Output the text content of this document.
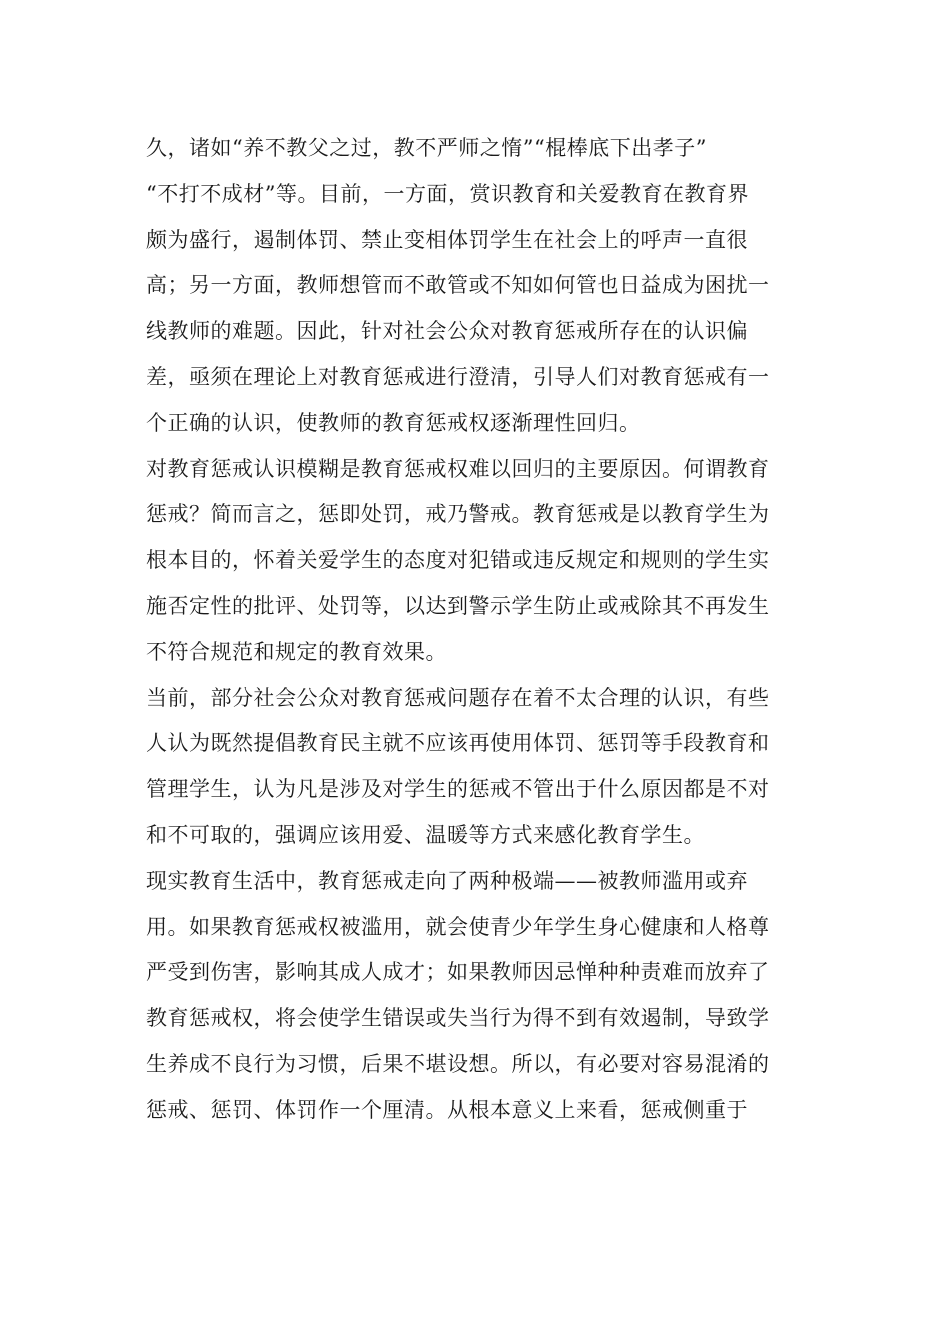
久，诸如“养不教父之过，教不严师之惰”“棍棒底下出孝子”
“不打不成材”等。目前，一方面，赏识教育和关爱教育在教育界
颇为盛行，遏制体罚、禁止变相体罚学生在社会上的呼声一直很
高；另一方面，教师想管而不敢管或不知如何管也日益成为困扰一
线教师的难题。因此，针对社会公众对教育惩戒所存在的认识偏
差，亟须在理论上对教育惩戒进行澄清，引导人们对教育惩戒有一
个正确的认识，使教师的教育惩戒权逐渐理性回归。
对教育惩戒认识模糊是教育惩戒权难以回归的主要原因。何谓教育
惩戒？简而言之，惩即处罚，戒乃警戒。教育惩戒是以教育学生为
根本目的，怀着关爱学生的态度对犯错或违反规定和规则的学生实
施否定性的批评、处罚等，以达到警示学生防止或戒除其不再发生
不符合规范和规定的教育效果。
当前，部分社会公众对教育惩戒问题存在着不太合理的认识，有些
人认为既然提倡教育民主就不应该再使用体罚、惩罚等手段教育和
管理学生，认为凡是涉及对学生的惩戒不管出于什么原因都是不对
和不可取的，强调应该用爱、温暖等方式来感化教育学生。
现实教育生活中，教育惩戒走向了两种极端——被教师滥用或弃
用。如果教育惩戒权被滥用，就会使青少年学生身心健康和人格尊
严受到伤害，影响其成人成才；如果教师因忌惮种种责难而放弃了
教育惩戒权，将会使学生错误或失当行为得不到有效遏制，导致学
生养成不良行为习惯，后果不堪设想。所以，有必要对容易混淆的
惩戒、惩罚、体罚作一个厘清。从根本意义上来看，惩戒侧重于
